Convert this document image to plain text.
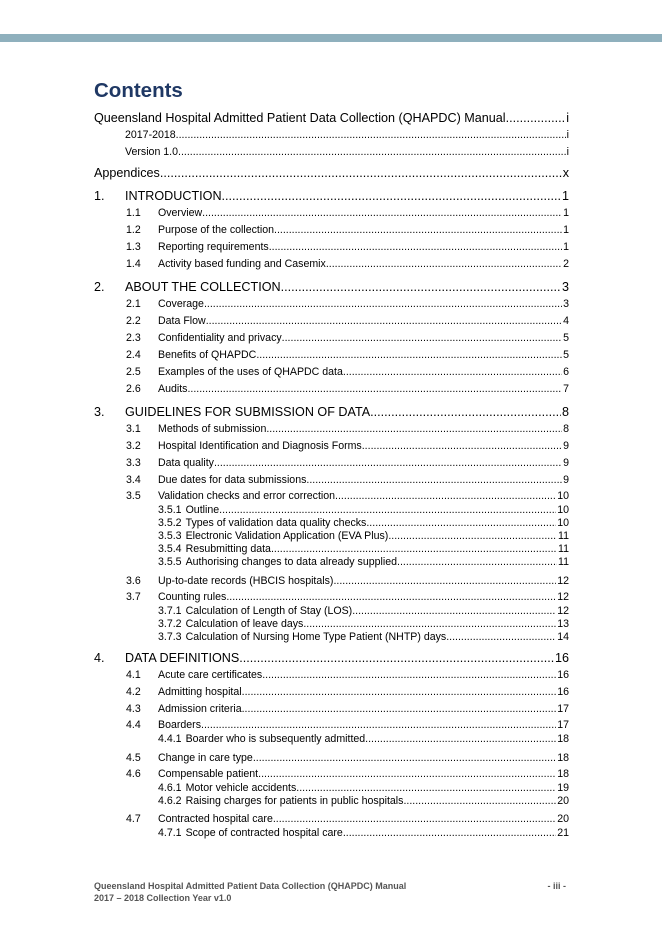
Contents
Queensland Hospital Admitted Patient Data Collection (QHAPDC) Manual .....	i
2017-2018 .....	i
Version 1.0 .....	i
Appendices .....	x
1.	INTRODUCTION .....	1
1.1	Overview .....	1
1.2	Purpose of the collection .....	1
1.3	Reporting requirements .....	1
1.4	Activity based funding and Casemix .....	2
2.	ABOUT THE COLLECTION .....	3
2.1	Coverage .....	3
2.2	Data Flow .....	4
2.3	Confidentiality and privacy .....	5
2.4	Benefits of QHAPDC .....	5
2.5	Examples of the uses of QHAPDC data .....	6
2.6	Audits .....	7
3.	GUIDELINES FOR SUBMISSION OF DATA .....	8
3.1	Methods of submission .....	8
3.2	Hospital Identification and Diagnosis Forms .....	9
3.3	Data quality .....	9
3.4	Due dates for data submissions .....	9
3.5	Validation checks and error correction .....	10
3.5.1 Outline .....	10
3.5.2 Types of validation data quality checks .....	10
3.5.3 Electronic Validation Application (EVA Plus) .....	11
3.5.4 Resubmitting data .....	11
3.5.5 Authorising changes to data already supplied .....	11
3.6	Up-to-date records (HBCIS hospitals) .....	12
3.7	Counting rules .....	12
3.7.1 Calculation of Length of Stay (LOS) .....	12
3.7.2 Calculation of leave days .....	13
3.7.3 Calculation of Nursing Home Type Patient (NHTP) days .....	14
4.	DATA DEFINITIONS .....	16
4.1	Acute care certificates .....	16
4.2	Admitting hospital .....	16
4.3	Admission criteria .....	17
4.4	Boarders .....	17
4.4.1 Boarder who is subsequently admitted .....	18
4.5	Change in care type .....	18
4.6	Compensable patient .....	18
4.6.1 Motor vehicle accidents .....	19
4.6.2 Raising charges for patients in public hospitals .....	20
4.7	Contracted hospital care .....	20
4.7.1 Scope of contracted hospital care .....	21
Queensland Hospital Admitted Patient Data Collection (QHAPDC) Manual
2017 – 2018 Collection Year v1.0
- iii -
